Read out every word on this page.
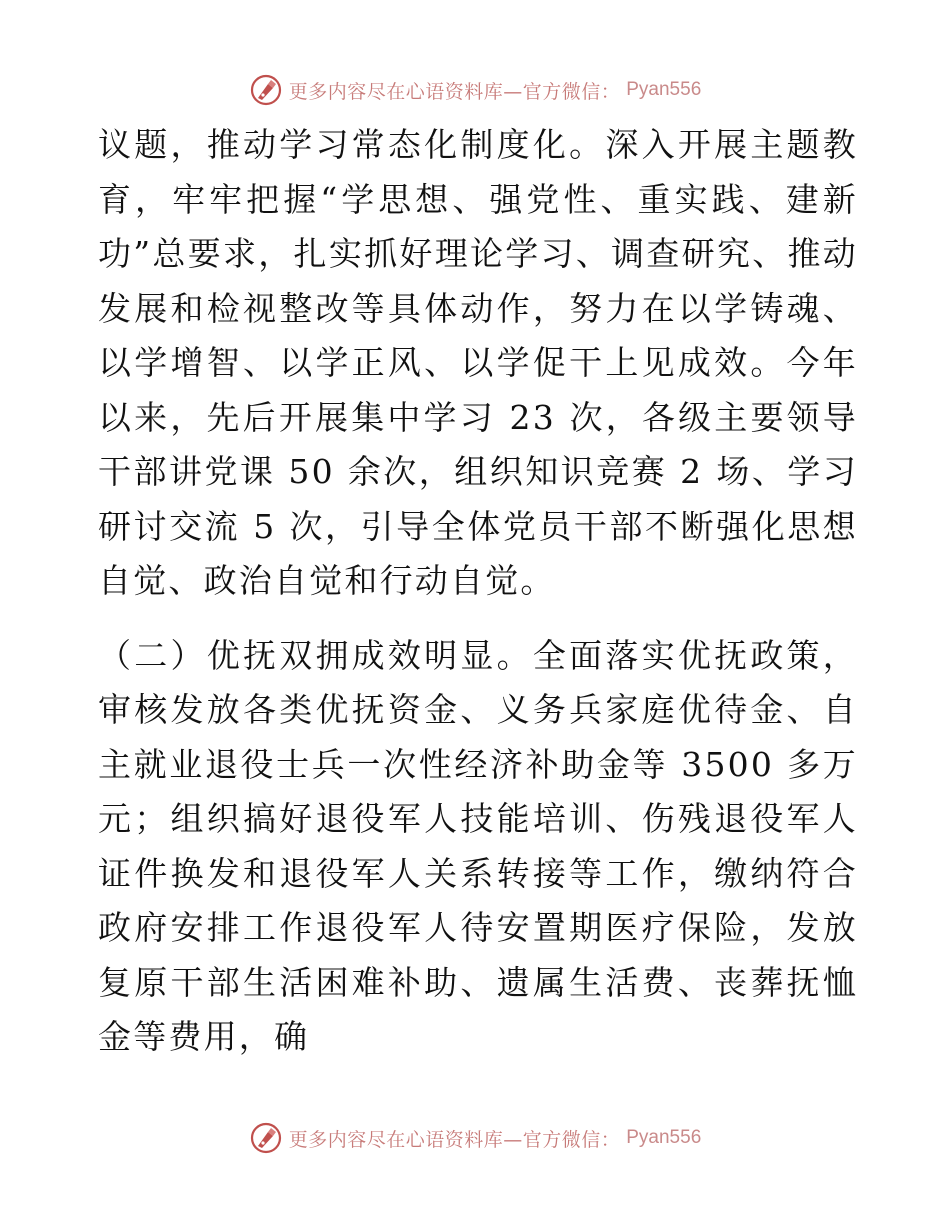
更多内容尽在心语资料库—官方微信： Pyan556

议题，推动学习常态化制度化。深入开展主题教育，牢牢把握“学思想、强党性、重实践、建新功”总要求，扎实抓好理论学习、调查研究、推动发展和检视整改等具体动作，努力在以学铸魂、以学增智、以学正风、以学促干上见成效。今年以来，先后开展集中学习 23 次，各级主要领导干部讲党课 50 余次，组织知识竞赛 2 场、学习研讨交流 5 次，引导全体党员干部不断强化思想自觉、政治自觉和行动自觉。

（二）优抚双拥成效明显。全面落实优抚政策，审核发放各类优抚资金、义务兵家庭优待金、自主就业退役士兵一次性经济补助金等 3500 多万元；组织搞好退役军人技能培训、伤残退役军人证件换发和退役军人关系转接等工作，缴纳符合政府安排工作退役军人待安置期医疗保险，发放复原干部生活困难补助、遗属生活费、丧葬抚恤金等费用，确

更多内容尽在心语资料库—官方微信： Pyan556
